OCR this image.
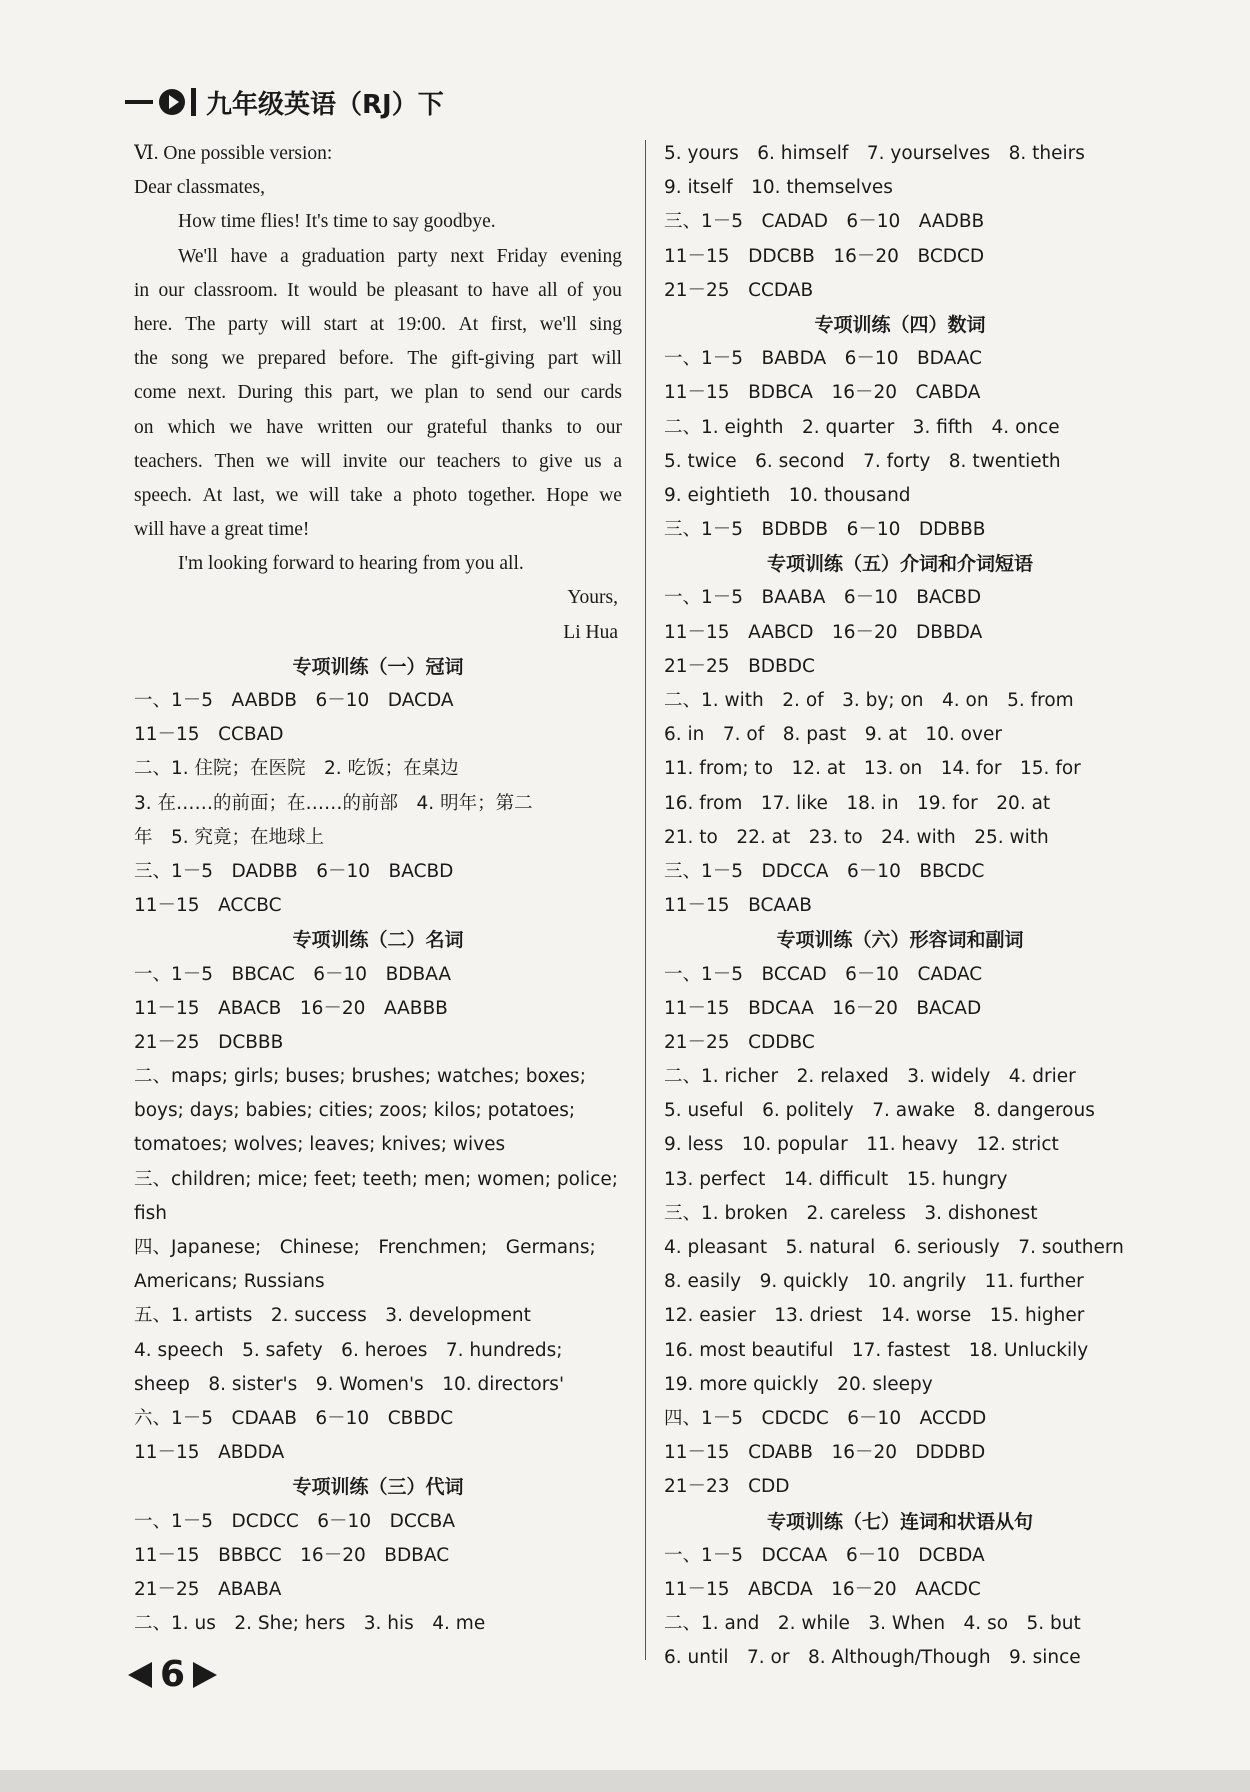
九年级英语（RJ）下
Ⅵ. One possible version:
Dear classmates,
How time flies! It's time to say goodbye.
We'll have a graduation party next Friday evening
in our classroom. It would be pleasant to have all of you
here. The party will start at 19:00. At first, we'll sing
the song we prepared before. The gift-giving part will
come next. During this part, we plan to send our cards
on which we have written our grateful thanks to our
teachers. Then we will invite our teachers to give us a
speech. At last, we will take a photo together. Hope we
will have a great time!
I'm looking forward to hearing from you all.
Yours,
Li Hua
专项训练（一）冠词
一、1－5　AABDB　6－10　DACDA
11－15　CCBAD
二、1. 住院；在医院　2. 吃饭；在桌边
3. 在……的前面；在……的前部　4. 明年；第二
年　5. 究竟；在地球上
三、1－5　DADBB　6－10　BACBD
11－15　ACCBC
专项训练（二）名词
一、1－5　BBCAC　6－10　BDBAA
11－15　ABACB　16－20　AABBB
21－25　DCBBB
二、maps; girls; buses; brushes; watches; boxes;
boys; days; babies; cities; zoos; kilos; potatoes;
tomatoes; wolves; leaves; knives; wives
三、children; mice; feet; teeth; men; women; police;
fish
四、Japanese;　Chinese;　Frenchmen;　Germans;
Americans; Russians
五、1. artists　2. success　3. development
4. speech　5. safety　6. heroes　7. hundreds;
sheep　8. sister's　9. Women's　10. directors'
六、1－5　CDAAB　6－10　CBBDC
11－15　ABDDA
专项训练（三）代词
一、1－5　DCDCC　6－10　DCCBA
11－15　BBBCC　16－20　BDBAC
21－25　ABABA
二、1. us　2. She; hers　3. his　4. me
5. yours　6. himself　7. yourselves　8. theirs
9. itself　10. themselves
三、1－5　CADAD　6－10　AADBB
11－15　DDCBB　16－20　BCDCD
21－25　CCDAB
专项训练（四）数词
一、1－5　BABDA　6－10　BDAAC
11－15　BDBCA　16－20　CABDA
二、1. eighth　2. quarter　3. fifth　4. once
5. twice　6. second　7. forty　8. twentieth
9. eightieth　10. thousand
三、1－5　BDBDB　6－10　DDBBB
专项训练（五）介词和介词短语
一、1－5　BAABA　6－10　BACBD
11－15　AABCD　16－20　DBBDA
21－25　BDBDC
二、1. with　2. of　3. by; on　4. on　5. from
6. in　7. of　8. past　9. at　10. over
11. from; to　12. at　13. on　14. for　15. for
16. from　17. like　18. in　19. for　20. at
21. to　22. at　23. to　24. with　25. with
三、1－5　DDCCA　6－10　BBCDC
11－15　BCAAB
专项训练（六）形容词和副词
一、1－5　BCCAD　6－10　CADAC
11－15　BDCAA　16－20　BACAD
21－25　CDDBC
二、1. richer　2. relaxed　3. widely　4. drier
5. useful　6. politely　7. awake　8. dangerous
9. less　10. popular　11. heavy　12. strict
13. perfect　14. difficult　15. hungry
三、1. broken　2. careless　3. dishonest
4. pleasant　5. natural　6. seriously　7. southern
8. easily　9. quickly　10. angrily　11. further
12. easier　13. driest　14. worse　15. higher
16. most beautiful　17. fastest　18. Unluckily
19. more quickly　20. sleepy
四、1－5　CDCDC　6－10　ACCDD
11－15　CDABB　16－20　DDDBD
21－23　CDD
专项训练（七）连词和状语从句
一、1－5　DCCAA　6－10　DCBDA
11－15　ABCDA　16－20　AACDC
二、1. and　2. while　3. When　4. so　5. but
6. until　7. or　8. Although/Though　9. since
6
